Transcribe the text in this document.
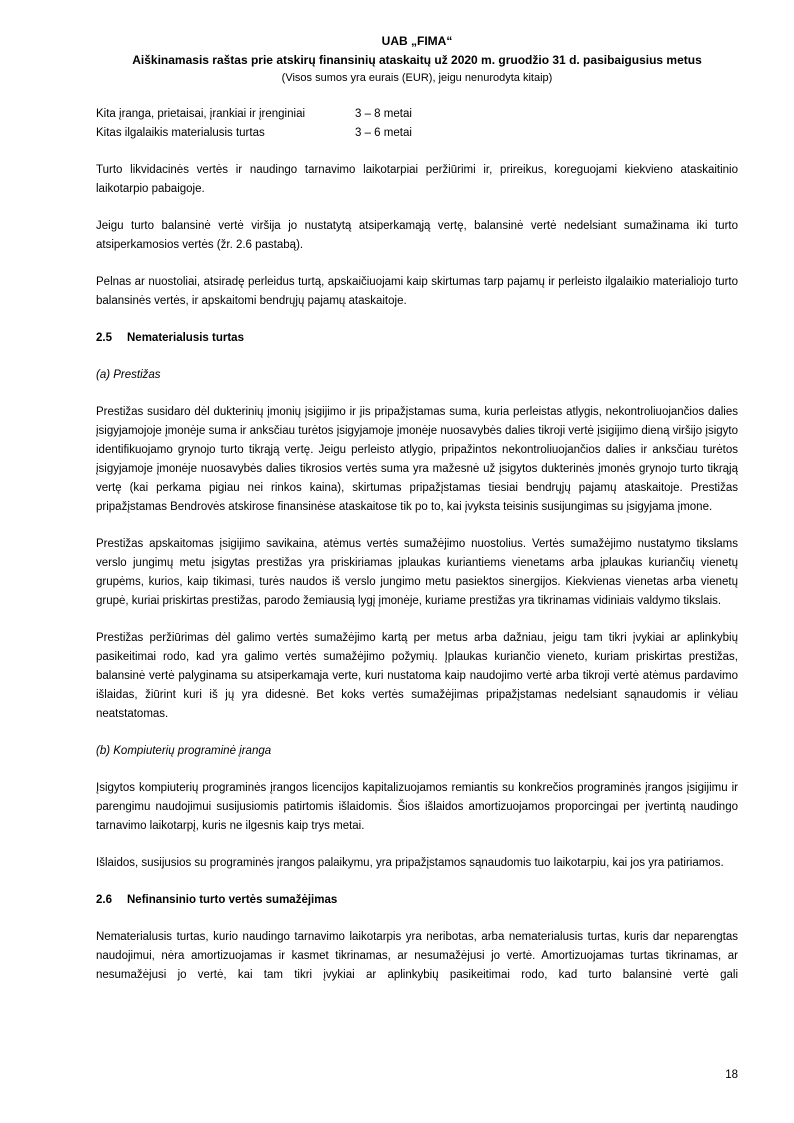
UAB „FIMA“
Aiškinamasis raštas prie atskirų finansinių ataskaitų už 2020 m. gruodžio 31 d. pasibaigusius metus
(Visos sumos yra eurais (EUR), jeigu nenurodyta kitaip)
Kita įranga, prietaisai, įrankiai ir įrenginiai	3 – 8 metai
Kitas ilgalaikis materialusis turtas	3 – 6 metai

Turto likvidacinės vertės ir naudingo tarnavimo laikotarpiai peržiūrimi ir, prireikus, koreguojami kiekvieno ataskaitinio laikotarpio pabaigoje.

Jeigu turto balansinė vertė viršija jo nustatytą atsiperkamąją vertę, balansinė vertė nedelsiant sumažinama iki turto atsiperkamosios vertės (žr. 2.6 pastabą).

Pelnas ar nuostoliai, atsiradę perleidus turtą, apskaičiuojami kaip skirtumas tarp pajamų ir perleisto ilgalaikio materialiojo turto balansinės vertės, ir apskaitomi bendrųjų pajamų ataskaitoje.

2.5 Nematerialusis turtas

(a) Prestižas

Prestižas susidaro dėl dukterinių įmonių įsigijimo ir jis pripažįstamas suma, kuria perleistas atlygis, nekontroliuojančios dalies įsigyjamojoje įmonėje suma ir anksčiau turėtos įsigyjamoje įmonėje nuosavybės dalies tikroji vertė įsigijimo dieną viršijo įsigyto identifikuojamo grynojo turto tikrąją vertę. Jeigu perleisto atlygio, pripažintos nekontroliuojančios dalies ir anksčiau turėtos įsigyjamoje įmonėje nuosavybės dalies tikrosios vertės suma yra mažesnė už įsigytos dukterinės įmonės grynojo turto tikrąją vertę (kai perkama pigiau nei rinkos kaina), skirtumas pripažįstamas tiesiai bendrųjų pajamų ataskaitoje. Prestižas pripažįstamas Bendrovės atskirose finansinėse ataskaitose tik po to, kai įvyksta teisinis susijungimas su įsigyjama įmone.

Prestižas apskaitomas įsigijimo savikaina, atėmus vertės sumažėjimo nuostolius. Vertės sumažėjimo nustatymo tikslams verslo jungimų metu įsigytas prestižas yra priskiriamas įplaukas kuriantiems vienetams arba įplaukas kuriančių vienetų grupėms, kurios, kaip tikimasi, turės naudos iš verslo jungimo metu pasiektos sinergijos. Kiekvienas vienetas arba vienetų grupė, kuriai priskirtas prestižas, parodo žemiausią lygį įmonėje, kuriame prestižas yra tikrinamas vidiniais valdymo tikslais.

Prestižas peržiūrimas dėl galimo vertės sumažėjimo kartą per metus arba dažniau, jeigu tam tikri įvykiai ar aplinkybių pasikeitimai rodo, kad yra galimo vertės sumažėjimo požymių. Įplaukas kuriančio vieneto, kuriam priskirtas prestižas, balansinė vertė palyginama su atsiperkamąja verte, kuri nustatoma kaip naudojimo vertė arba tikroji vertė atėmus pardavimo išlaidas, žiūrint kuri iš jų yra didesnė. Bet koks vertės sumažėjimas pripažįstamas nedelsiant sąnaudomis ir vėliau neatstatomas.

(b) Kompiuterių programinė įranga

Įsigytos kompiuterių programinės įrangos licencijos kapitalizuojamos remiantis su konkrečios programinės įrangos įsigijimu ir parengimu naudojimui susijusiomis patirtomis išlaidomis. Šios išlaidos amortizuojamos proporcingai per įvertintą naudingo tarnavimo laikotarpį, kuris ne ilgesnis kaip trys metai.

Išlaidos, susijusios su programinės įrangos palaikymu, yra pripažįstamos sąnaudomis tuo laikotarpiu, kai jos yra patiriamos.

2.6 Nefinansinio turto vertės sumažėjimas

Nematerialusis turtas, kurio naudingo tarnavimo laikotarpis yra neribotas, arba nematerialusis turtas, kuris dar neparengtas naudojimui, nėra amortizuojamas ir kasmet tikrinamas, ar nesumažėjusi jo vertė. Amortizuojamas turtas tikrinamas, ar nesumažėjusi jo vertė, kai tam tikri įvykiai ar aplinkybių pasikeitimai rodo, kad turto balansinė vertė gali

18
